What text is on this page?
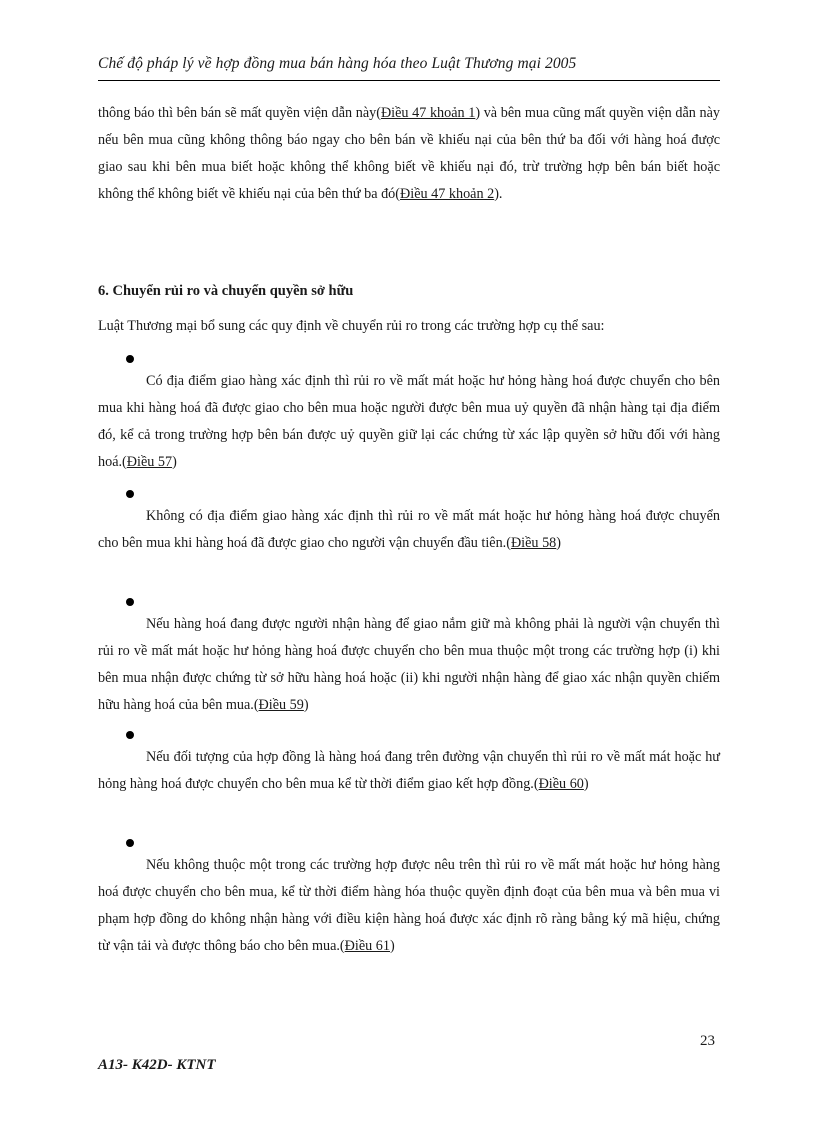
Chế độ pháp lý về hợp đồng mua bán hàng hóa theo Luật Thương mại 2005

thông báo thì bên bán sẽ mất quyền viện dẫn này(Điều 47 khoản 1) và bên mua cũng mất quyền viện dẫn này nếu bên mua cũng không thông báo ngay cho bên bán về khiếu nại của bên thứ ba đối với hàng hoá được giao sau khi bên mua biết hoặc không thể không biết về khiếu nại đó, trừ trường hợp bên bán biết hoặc không thể không biết về khiếu nại của bên thứ ba đó(Điều 47 khoản 2).

6. Chuyển rủi ro và chuyển quyền sở hữu
Luật Thương mại bổ sung các quy định về chuyển rủi ro trong các trường hợp cụ thể sau:

Có địa điểm giao hàng xác định thì rủi ro về mất mát hoặc hư hỏng hàng hoá được chuyển cho bên mua khi hàng hoá đã được giao cho bên mua hoặc người được bên mua uỷ quyền đã nhận hàng tại địa điểm đó, kể cả trong trường hợp bên bán được uỷ quyền giữ lại các chứng từ xác lập quyền sở hữu đối với hàng hoá.(Điều 57)

Không có địa điểm giao hàng xác định thì rủi ro về mất mát hoặc hư hỏng hàng hoá được chuyển cho bên mua khi hàng hoá đã được giao cho người vận chuyển đầu tiên.(Điều 58)

Nếu hàng hoá đang được người nhận hàng để giao nắm giữ mà không phải là người vận chuyển thì rủi ro về mất mát hoặc hư hỏng hàng hoá được chuyển cho bên mua thuộc một trong các trường hợp (i) khi bên mua nhận được chứng từ sở hữu hàng hoá hoặc (ii) khi người nhận hàng để giao xác nhận quyền chiếm hữu hàng hoá của bên mua.(Điều 59)

Nếu đối tượng của hợp đồng là hàng hoá đang trên đường vận chuyển thì rủi ro về mất mát hoặc hư hỏng hàng hoá được chuyển cho bên mua kể từ thời điểm giao kết hợp đồng.(Điều 60)

Nếu không thuộc một trong các trường hợp được nêu trên thì rủi ro về mất mát hoặc hư hỏng hàng hoá được chuyển cho bên mua, kể từ thời điểm hàng hóa thuộc quyền định đoạt của bên mua và bên mua vi phạm hợp đồng do không nhận hàng với điều kiện hàng hoá được xác định rõ ràng bằng ký mã hiệu, chứng từ vận tải và được thông báo cho bên mua.(Điều 61)

23
A13- K42D- KTNT
